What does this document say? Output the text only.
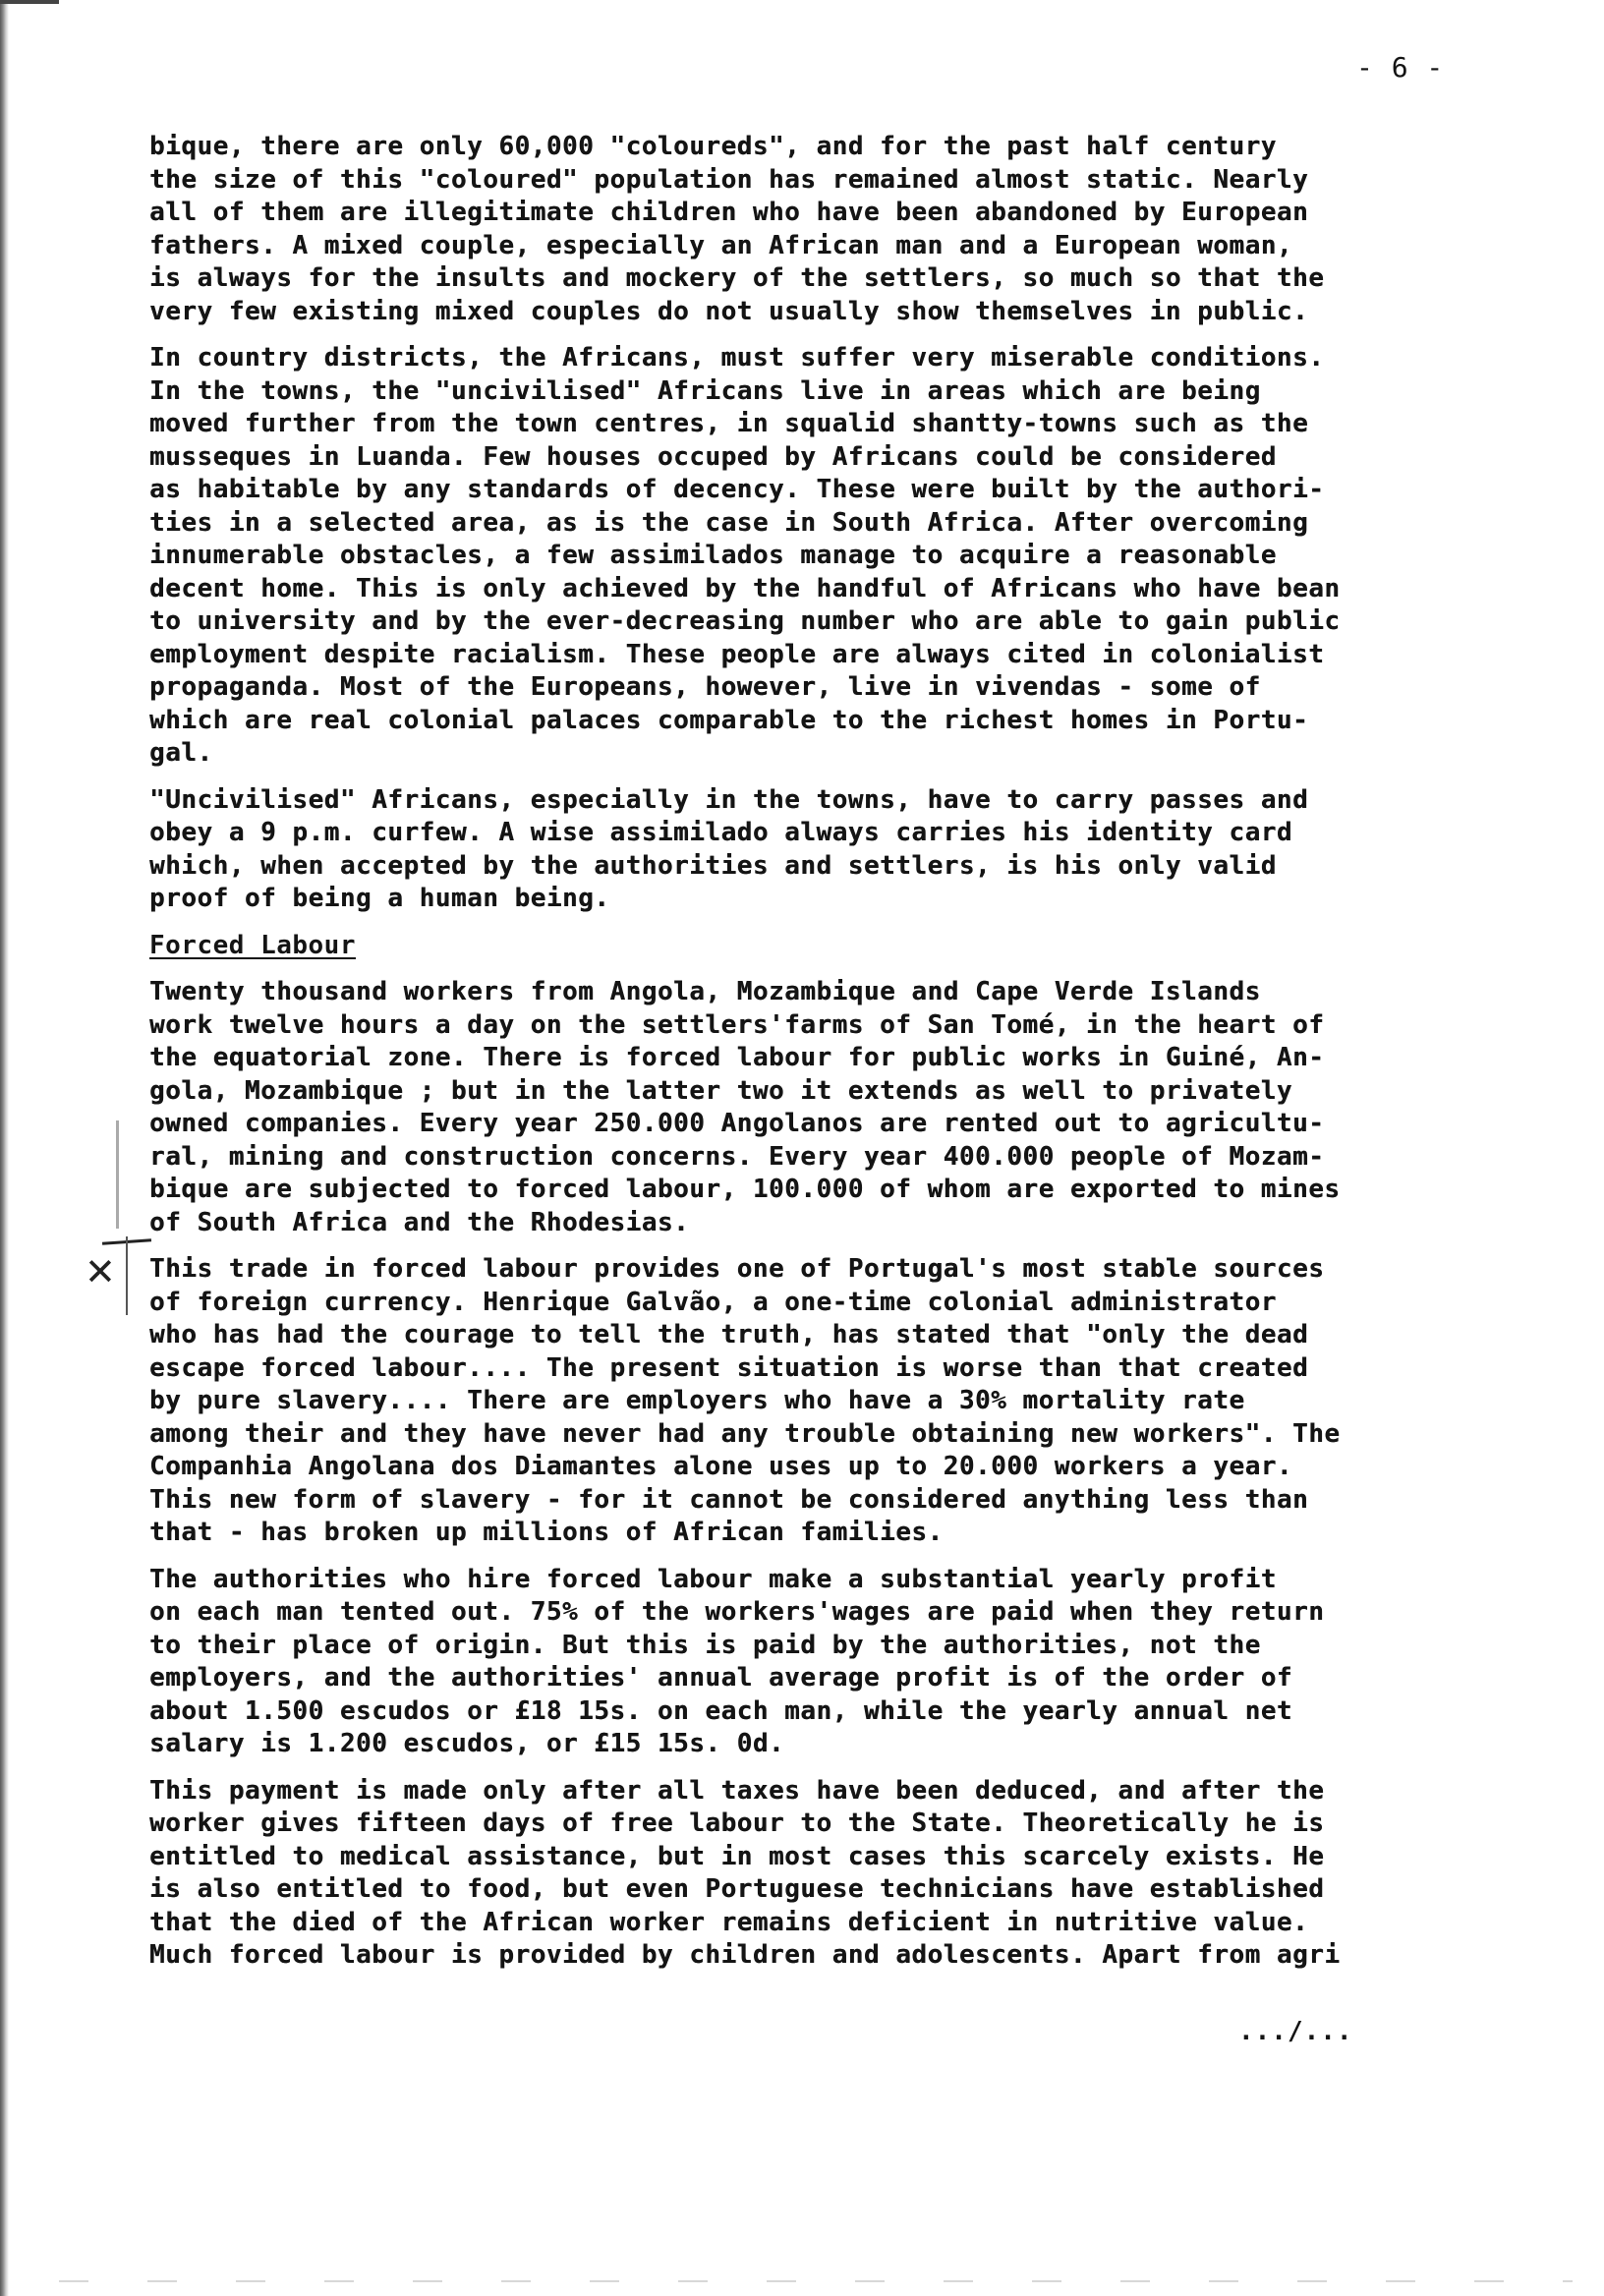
- 6 -
bique, there are only 60,000 "coloureds", and for the past half century
the size of this "coloured" population has remained almost static. Nearly
all of them are illegitimate children who have been abandoned by European
fathers. A mixed couple, especially an African man and a European woman,
is always for the insults and mockery of the settlers, so much so that the
very few existing mixed couples do not usually show themselves in public.
In country districts, the Africans, must suffer very miserable conditions.
In the towns, the "uncivilised" Africans live in areas which are being
moved further from the town centres, in squalid shantty-towns such as the
musseques in Luanda. Few houses occuped by Africans could be considered
as habitable by any standards of decency. These were built by the authori-
ties in a selected area, as is the case in South Africa. After overcoming
innumerable obstacles, a few assimilados manage to acquire a reasonable
decent home. This is only achieved by the handful of Africans who have bean
to university and by the ever-decreasing number who are able to gain public
employment despite racialism. These people are always cited in colonialist
propaganda. Most of the Europeans, however, live in vivendas - some of
which are real colonial palaces comparable to the richest homes in Portu-
gal.
"Uncivilised" Africans, especially in the towns, have to carry passes and
obey a 9 p.m. curfew. A wise assimilado always carries his identity card
which, when accepted by the authorities and settlers, is his only valid
proof of being a human being.
Forced Labour
Twenty thousand workers from Angola, Mozambique and Cape Verde Islands
work twelve hours a day on the settlers'farms of San Tomé, in the heart of
the equatorial zone. There is forced labour for public works in Guiné, An-
gola, Mozambique ; but in the latter two it extends as well to privately
owned companies. Every year 250.000 Angolanos are rented out to agricultu-
ral, mining and construction concerns. Every year 400.000 people of Mozam-
bique are subjected to forced labour, 100.000 of whom are exported to mines
of South Africa and the Rhodesias.
This trade in forced labour provides one of Portugal's most stable sources
of foreign currency. Henrique Galvão, a one-time colonial administrator
who has had the courage to tell the truth, has stated that "only the dead
escape forced labour.... The present situation is worse than that created
by pure slavery.... There are employers who have a 30% mortality rate
among their and they have never had any trouble obtaining new workers". The
Companhia Angolana dos Diamantes alone uses up to 20.000 workers a year.
This new form of slavery - for it cannot be considered anything less than
that - has broken up millions of African families.
The authorities who hire forced labour make a substantial yearly profit
on each man tented out. 75% of the workers'wages are paid when they return
to their place of origin. But this is paid by the authorities, not the
employers, and the authorities' annual average profit is of the order of
about 1.500 escudos or £18 15s. on each man, while the yearly annual net
salary is 1.200 escudos, or £15 15s. 0d.
This payment is made only after all taxes have been deduced, and after the
worker gives fifteen days of free labour to the State. Theoretically he is
entitled to medical assistance, but in most cases this scarcely exists. He
is also entitled to food, but even Portuguese technicians have established
that the died of the African worker remains deficient in nutritive value.
Much forced labour is provided by children and adolescents. Apart from agri
✕
.../...
